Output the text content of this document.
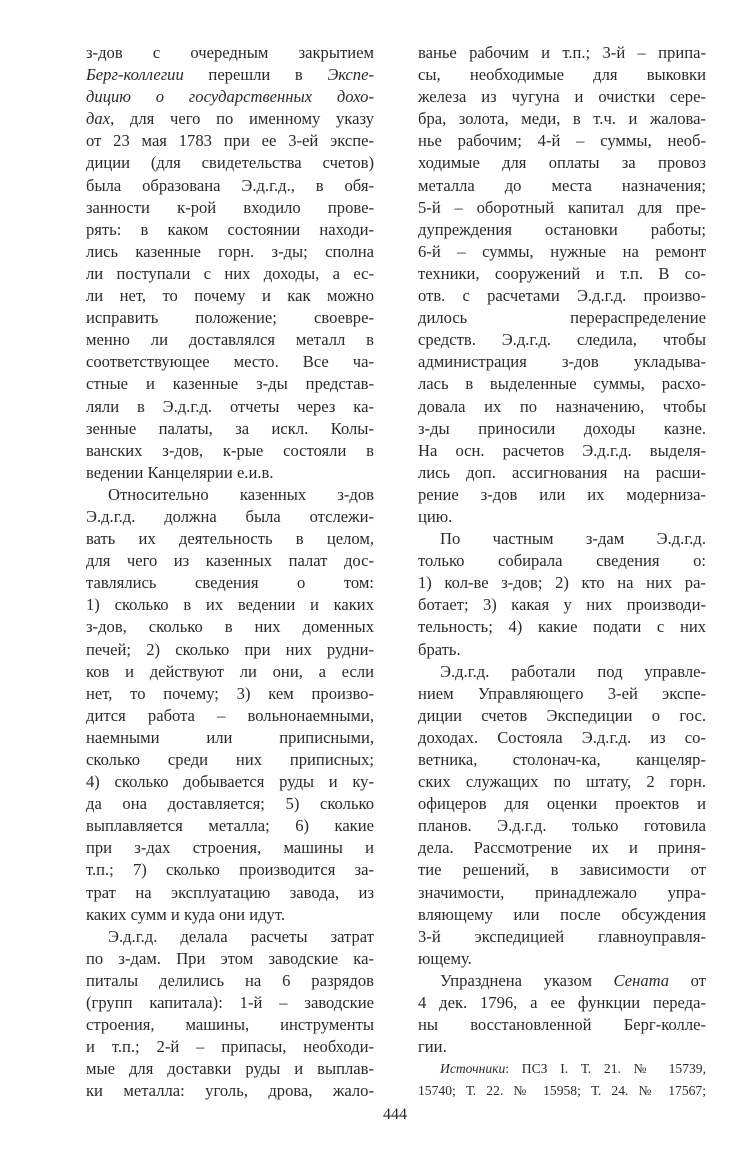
з-дов с очередным закрытием
Берг-коллегии перешли в Экспе-
дицию о государственных дохо-
дах, для чего по именному указу
от 23 мая 1783 при ее 3-ей экспе-
диции (для свидетельства счетов)
была образована Э.д.г.д., в обя-
занности к-рой входило прове-
рять: в каком состоянии находи-
лись казенные горн. з-ды; сполна
ли поступали с них доходы, а ес-
ли нет, то почему и как можно
исправить положение; своевре-
менно ли доставлялся металл в
соответствующее место. Все ча-
стные и казенные з-ды представ-
ляли в Э.д.г.д. отчеты через ка-
зенные палаты, за искл. Колы-
ванских з-дов, к-рые состояли в
ведении Канцелярии е.и.в.
Относительно казенных з-дов
Э.д.г.д. должна была отслежи-
вать их деятельность в целом,
для чего из казенных палат дос-
тавлялись сведения о том:
1) сколько в их ведении и каких
з-дов, сколько в них доменных
печей; 2) сколько при них рудни-
ков и действуют ли они, а если
нет, то почему; 3) кем произво-
дится работа – вольнонаемными,
наемными или приписными,
сколько среди них приписных;
4) сколько добывается руды и ку-
да она доставляется; 5) сколько
выплавляется металла; 6) какие
при з-дах строения, машины и
т.п.; 7) сколько производится за-
трат на эксплуатацию завода, из
каких сумм и куда они идут.
Э.д.г.д. делала расчеты затрат
по з-дам. При этом заводские ка-
питалы делились на 6 разрядов
(групп капитала): 1-й – заводские
строения, машины, инструменты
и т.п.; 2-й – припасы, необходи-
мые для доставки руды и выплав-
ки металла: уголь, дрова, жало-
ванье рабочим и т.п.; 3-й – припа-
сы, необходимые для выковки
железа из чугуна и очистки сере-
бра, золота, меди, в т.ч. и жалова-
нье рабочим; 4-й – суммы, необ-
ходимые для оплаты за провоз
металла до места назначения;
5-й – оборотный капитал для пре-
дупреждения остановки работы;
6-й – суммы, нужные на ремонт
техники, сооружений и т.п. В со-
отв. с расчетами Э.д.г.д. произво-
дилось перераспределение
средств. Э.д.г.д. следила, чтобы
администрация з-дов укладыва-
лась в выделенные суммы, расхо-
довала их по назначению, чтобы
з-ды приносили доходы казне.
На осн. расчетов Э.д.г.д. выделя-
лись доп. ассигнования на расши-
рение з-дов или их модерниза-
цию.
По частным з-дам Э.д.г.д.
только собирала сведения о:
1) кол-ве з-дов; 2) кто на них ра-
ботает; 3) какая у них производи-
тельность; 4) какие подати с них
брать.
Э.д.г.д. работали под управле-
нием Управляющего 3-ей экспе-
диции счетов Экспедиции о гос.
доходах. Состояла Э.д.г.д. из со-
ветника, столонач-ка, канцеляр-
ских служащих по штату, 2 горн.
офицеров для оценки проектов и
планов. Э.д.г.д. только готовила
дела. Рассмотрение их и приня-
тие решений, в зависимости от
значимости, принадлежало упра-
вляющему или после обсуждения
3-й экспедицией главноуправля-
ющему.
Упразднена указом Сената от
4 дек. 1796, а ее функции переда-
ны восстановленной Берг-колле-
гии.
Источники: ПСЗ I. Т. 21. № 15739,
15740; Т. 22. № 15958; Т. 24. № 17567;
444
